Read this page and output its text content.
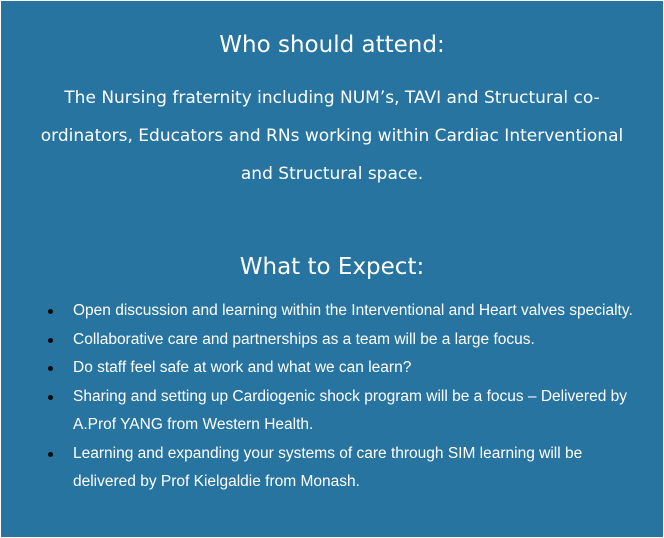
Who should attend:

The Nursing fraternity including NUM’s, TAVI and Structural co-ordinators, Educators and RNs working within Cardiac Interventional and Structural space.

What to Expect:
Open discussion and learning within the Interventional and Heart valves specialty.
Collaborative care and partnerships as a team will be a large focus.
Do staff feel safe at work and what we can learn?
Sharing and setting up Cardiogenic shock program will be a focus – Delivered by A.Prof YANG from Western Health.
Learning and expanding your systems of care through SIM learning will be delivered by Prof Kielgaldie from Monash.
